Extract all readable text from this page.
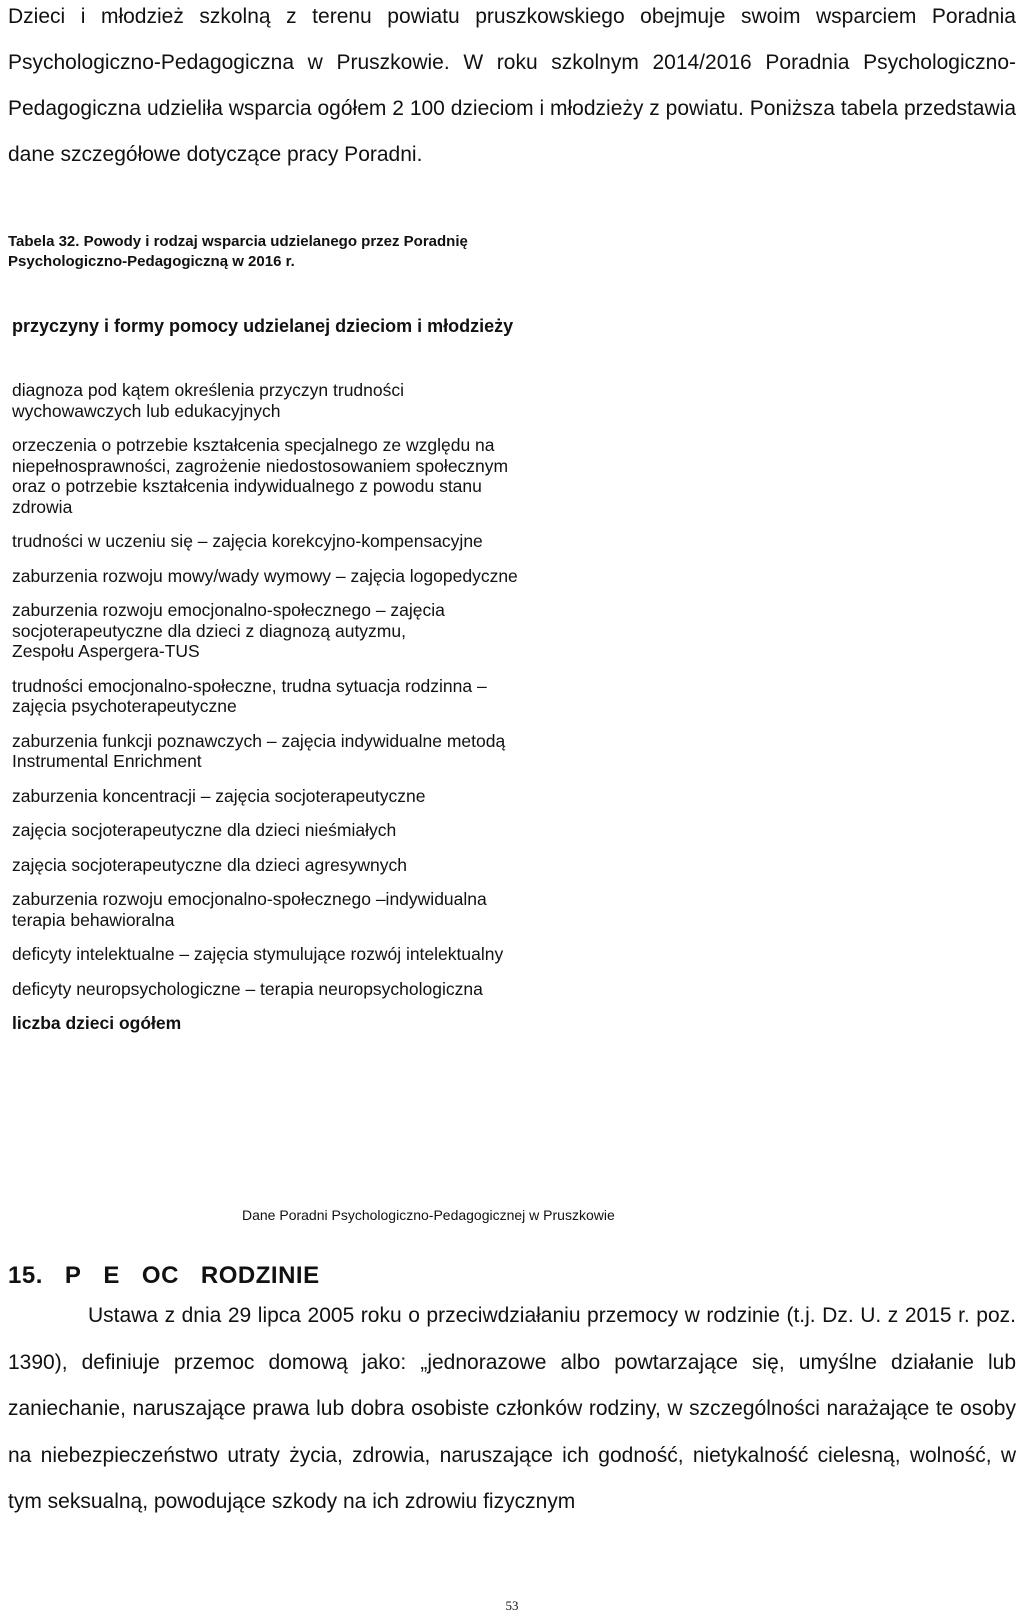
Dzieci i młodzież szkolną z terenu powiatu pruszkowskiego obejmuje swoim wsparciem Poradnia Psychologiczno-Pedagogiczna w Pruszkowie. W roku szkolnym 2014/2016 Poradnia Psychologiczno-Pedagogiczna udzieliła wsparcia ogółem 2 100 dzieciom i młodzieży z powiatu. Poniższa tabela przedstawia dane szczegółowe dotyczące pracy Poradni.

Tabela 32. Powody i rodzaj wsparcia udzielanego przez Poradnię
Psychologiczno-Pedagogiczną w 2016 r.
przyczyny i formy pomocy udzielanej dzieciom i młodzieży
diagnoza pod kątem określenia przyczyn trudności
wychowawczych lub edukacyjnych
orzeczenia o potrzebie kształcenia specjalnego ze względu na
niepełnosprawności, zagrożenie niedostosowaniem społecznym
oraz o potrzebie kształcenia indywidualnego z powodu stanu
zdrowia
trudności w uczeniu się – zajęcia korekcyjno-kompensacyjne
zaburzenia rozwoju mowy/wady wymowy – zajęcia logopedyczne
zaburzenia rozwoju emocjonalno-społecznego – zajęcia
socjoterapeutyczne dla dzieci z diagnozą autyzmu,
Zespołu Aspergera-TUS
trudności emocjonalno-społeczne, trudna sytuacja rodzinna –
zajęcia psychoterapeutyczne
zaburzenia funkcji poznawczych – zajęcia indywidualne metodą
Instrumental Enrichment
zaburzenia koncentracji – zajęcia socjoterapeutyczne
zajęcia socjoterapeutyczne dla dzieci nieśmiałych
zajęcia socjoterapeutyczne dla dzieci agresywnych
zaburzenia rozwoju emocjonalno-społecznego –indywidualna
terapia behawioralna
deficyty intelektualne – zajęcia stymulujące rozwój intelektualny
deficyty neuropsychologiczne – terapia neuropsychologiczna
liczba dzieci ogółem
Dane Poradni Psychologiczno-Pedagogicznej w Pruszkowie
15. P E OC RODZINIE

Ustawa z dnia 29 lipca 2005 roku o przeciwdziałaniu przemocy w rodzinie (t.j. Dz. U. z 2015 r. poz. 1390), definiuje przemoc domową jako: „jednorazowe albo powtarzające się, umyślne działanie lub zaniechanie, naruszające prawa lub dobra osobiste członków rodziny, w szczególności narażające te osoby na niebezpieczeństwo utraty życia, zdrowia, naruszające ich godność, nietykalność cielesną, wolność, w tym seksualną, powodujące szkody na ich zdrowiu fizycznym

53
